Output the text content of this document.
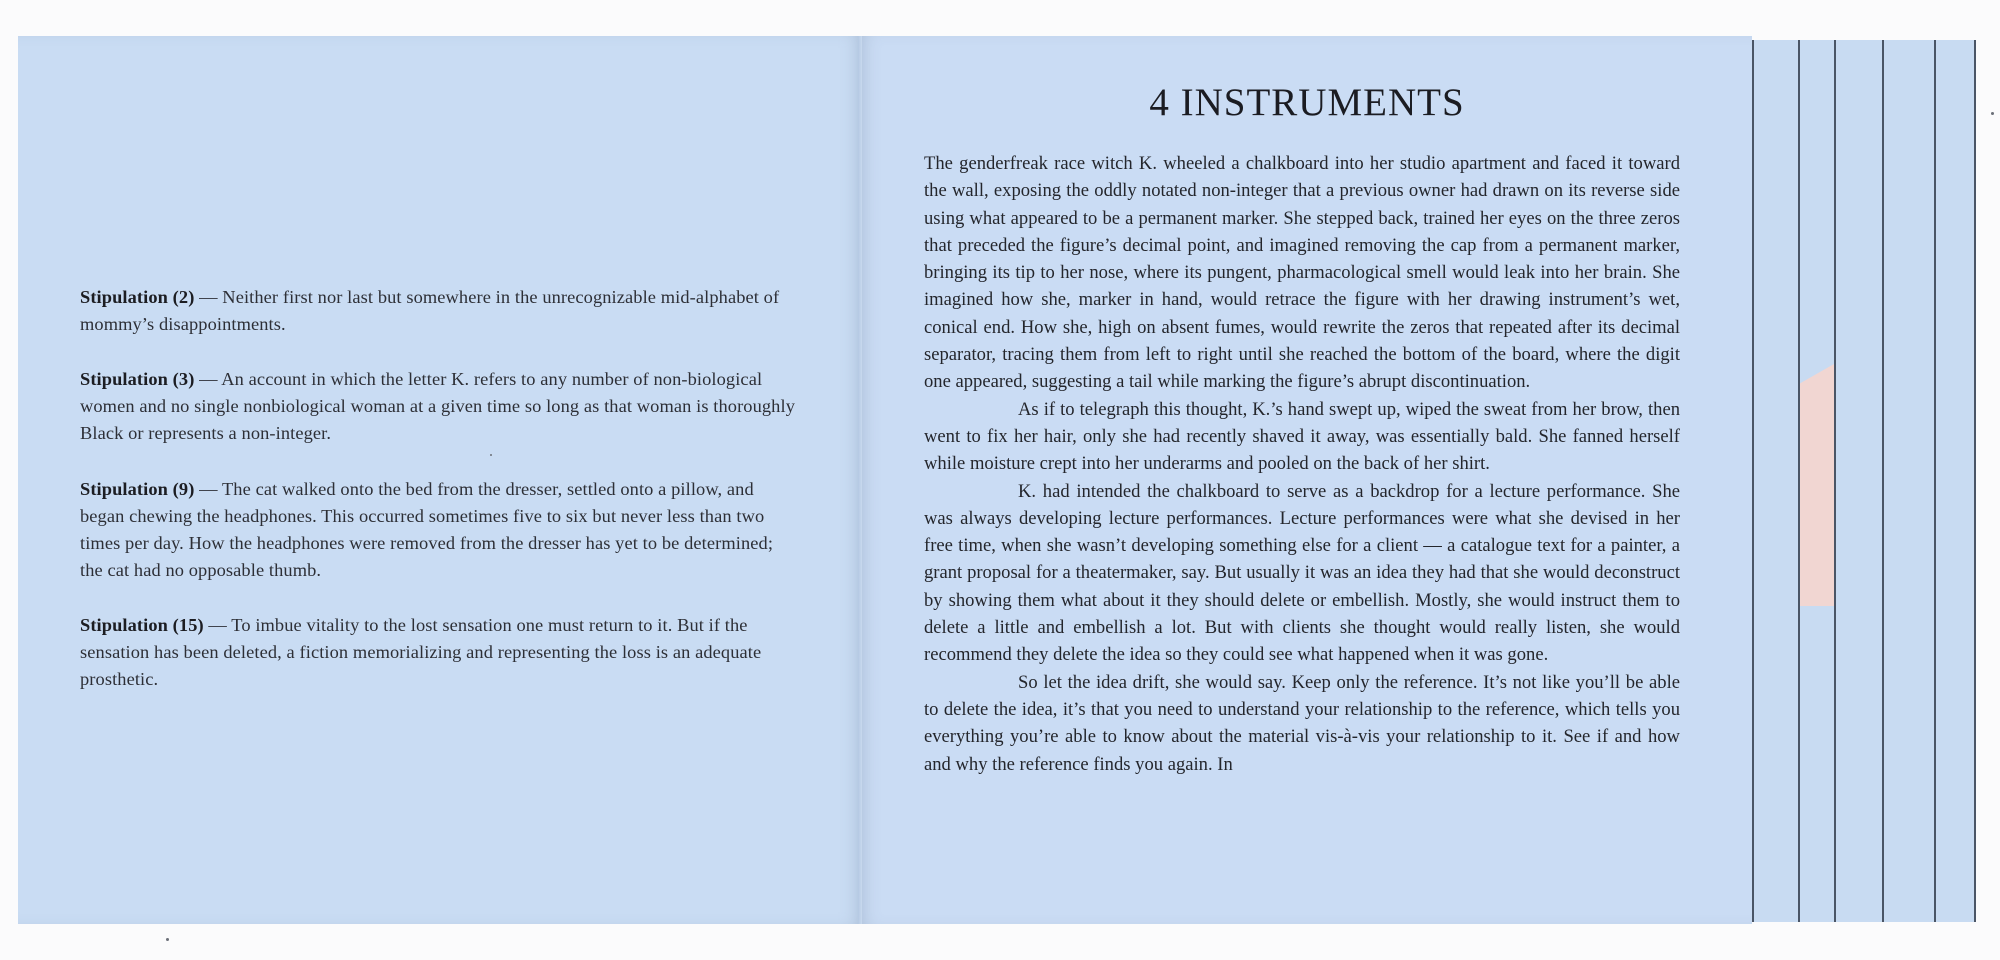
Stipulation (2) — Neither first nor last but somewhere in the unrecognizable mid-alphabet of mommy’s disappointments.
Stipulation (3) — An account in which the letter K. refers to any number of non-biological women and no single nonbiological woman at a given time so long as that woman is thoroughly Black or represents a non-integer.
Stipulation (9) — The cat walked onto the bed from the dresser, settled onto a pillow, and began chewing the headphones. This occurred sometimes five to six but never less than two times per day. How the headphones were removed from the dresser has yet to be determined; the cat had no opposable thumb.
Stipulation (15) — To imbue vitality to the lost sensation one must return to it. But if the sensation has been deleted, a fiction memorializing and representing the loss is an adequate prosthetic.
4 INSTRUMENTS

The genderfreak race witch K. wheeled a chalkboard into her studio apartment and faced it toward the wall, exposing the oddly notated non-integer that a previous owner had drawn on its reverse side using what appeared to be a permanent marker. She stepped back, trained her eyes on the three zeros that preceded the figure’s decimal point, and imagined removing the cap from a permanent marker, bringing its tip to her nose, where its pungent, pharmacological smell would leak into her brain. She imagined how she, marker in hand, would retrace the figure with her drawing instrument’s wet, conical end. How she, high on absent fumes, would rewrite the zeros that repeated after its decimal separator, tracing them from left to right until she reached the bottom of the board, where the digit one appeared, suggesting a tail while marking the figure’s abrupt discontinuation.

As if to telegraph this thought, K.’s hand swept up, wiped the sweat from her brow, then went to fix her hair, only she had recently shaved it away, was essentially bald. She fanned herself while moisture crept into her underarms and pooled on the back of her shirt.

K. had intended the chalkboard to serve as a backdrop for a lecture performance. She was always developing lecture performances. Lecture performances were what she devised in her free time, when she wasn’t developing something else for a client — a catalogue text for a painter, a grant proposal for a theatermaker, say. But usually it was an idea they had that she would deconstruct by showing them what about it they should delete or embellish. Mostly, she would instruct them to delete a little and embellish a lot. But with clients she thought would really listen, she would recommend they delete the idea so they could see what happened when it was gone.

So let the idea drift, she would say. Keep only the reference. It’s not like you’ll be able to delete the idea, it’s that you need to understand your relationship to the reference, which tells you everything you’re able to know about the material vis-à-vis your relationship to it. See if and how and why the reference finds you again. In
